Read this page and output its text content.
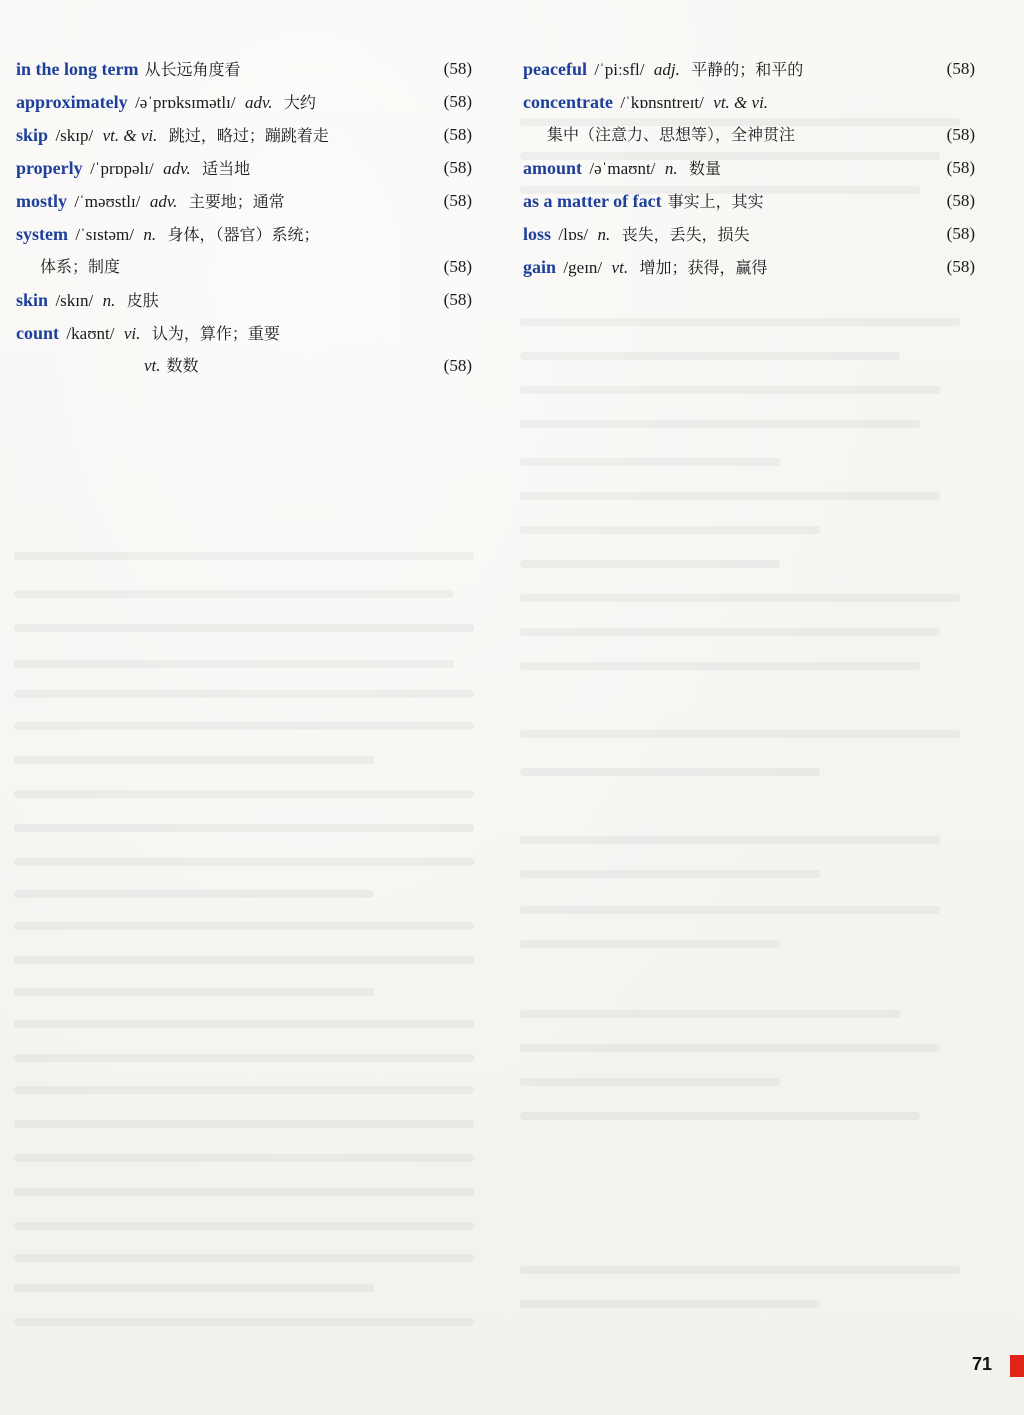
in the long term 从长远角度看	(58)
approximately /əˈprɒksɪmətlɪ/ adv. 大约	(58)
skip /skɪp/ vt. & vi. 跳过，略过；蹦跳着走	(58)
properly /ˈprɒpəlɪ/ adv. 适当地	(58)
mostly /ˈməʊstlɪ/ adv. 主要地；通常	(58)
system /ˈsɪstəm/ n. 身体，（器官）系统；
体系；制度	(58)
skin /skɪn/ n. 皮肤	(58)
count /kaʊnt/ vi. 认为，算作；重要
vt. 数数	(58)
peaceful /ˈpiːsfl/ adj. 平静的；和平的	(58)
concentrate /ˈkɒnsntreɪt/ vt. & vi.
集中（注意力、思想等），全神贯注	(58)
amount /əˈmaʊnt/ n. 数量	(58)
as a matter of fact 事实上，其实	(58)
loss /lɒs/ n. 丧失，丢失，损失	(58)
gain /geɪn/ vt. 增加；获得，赢得	(58)
71
